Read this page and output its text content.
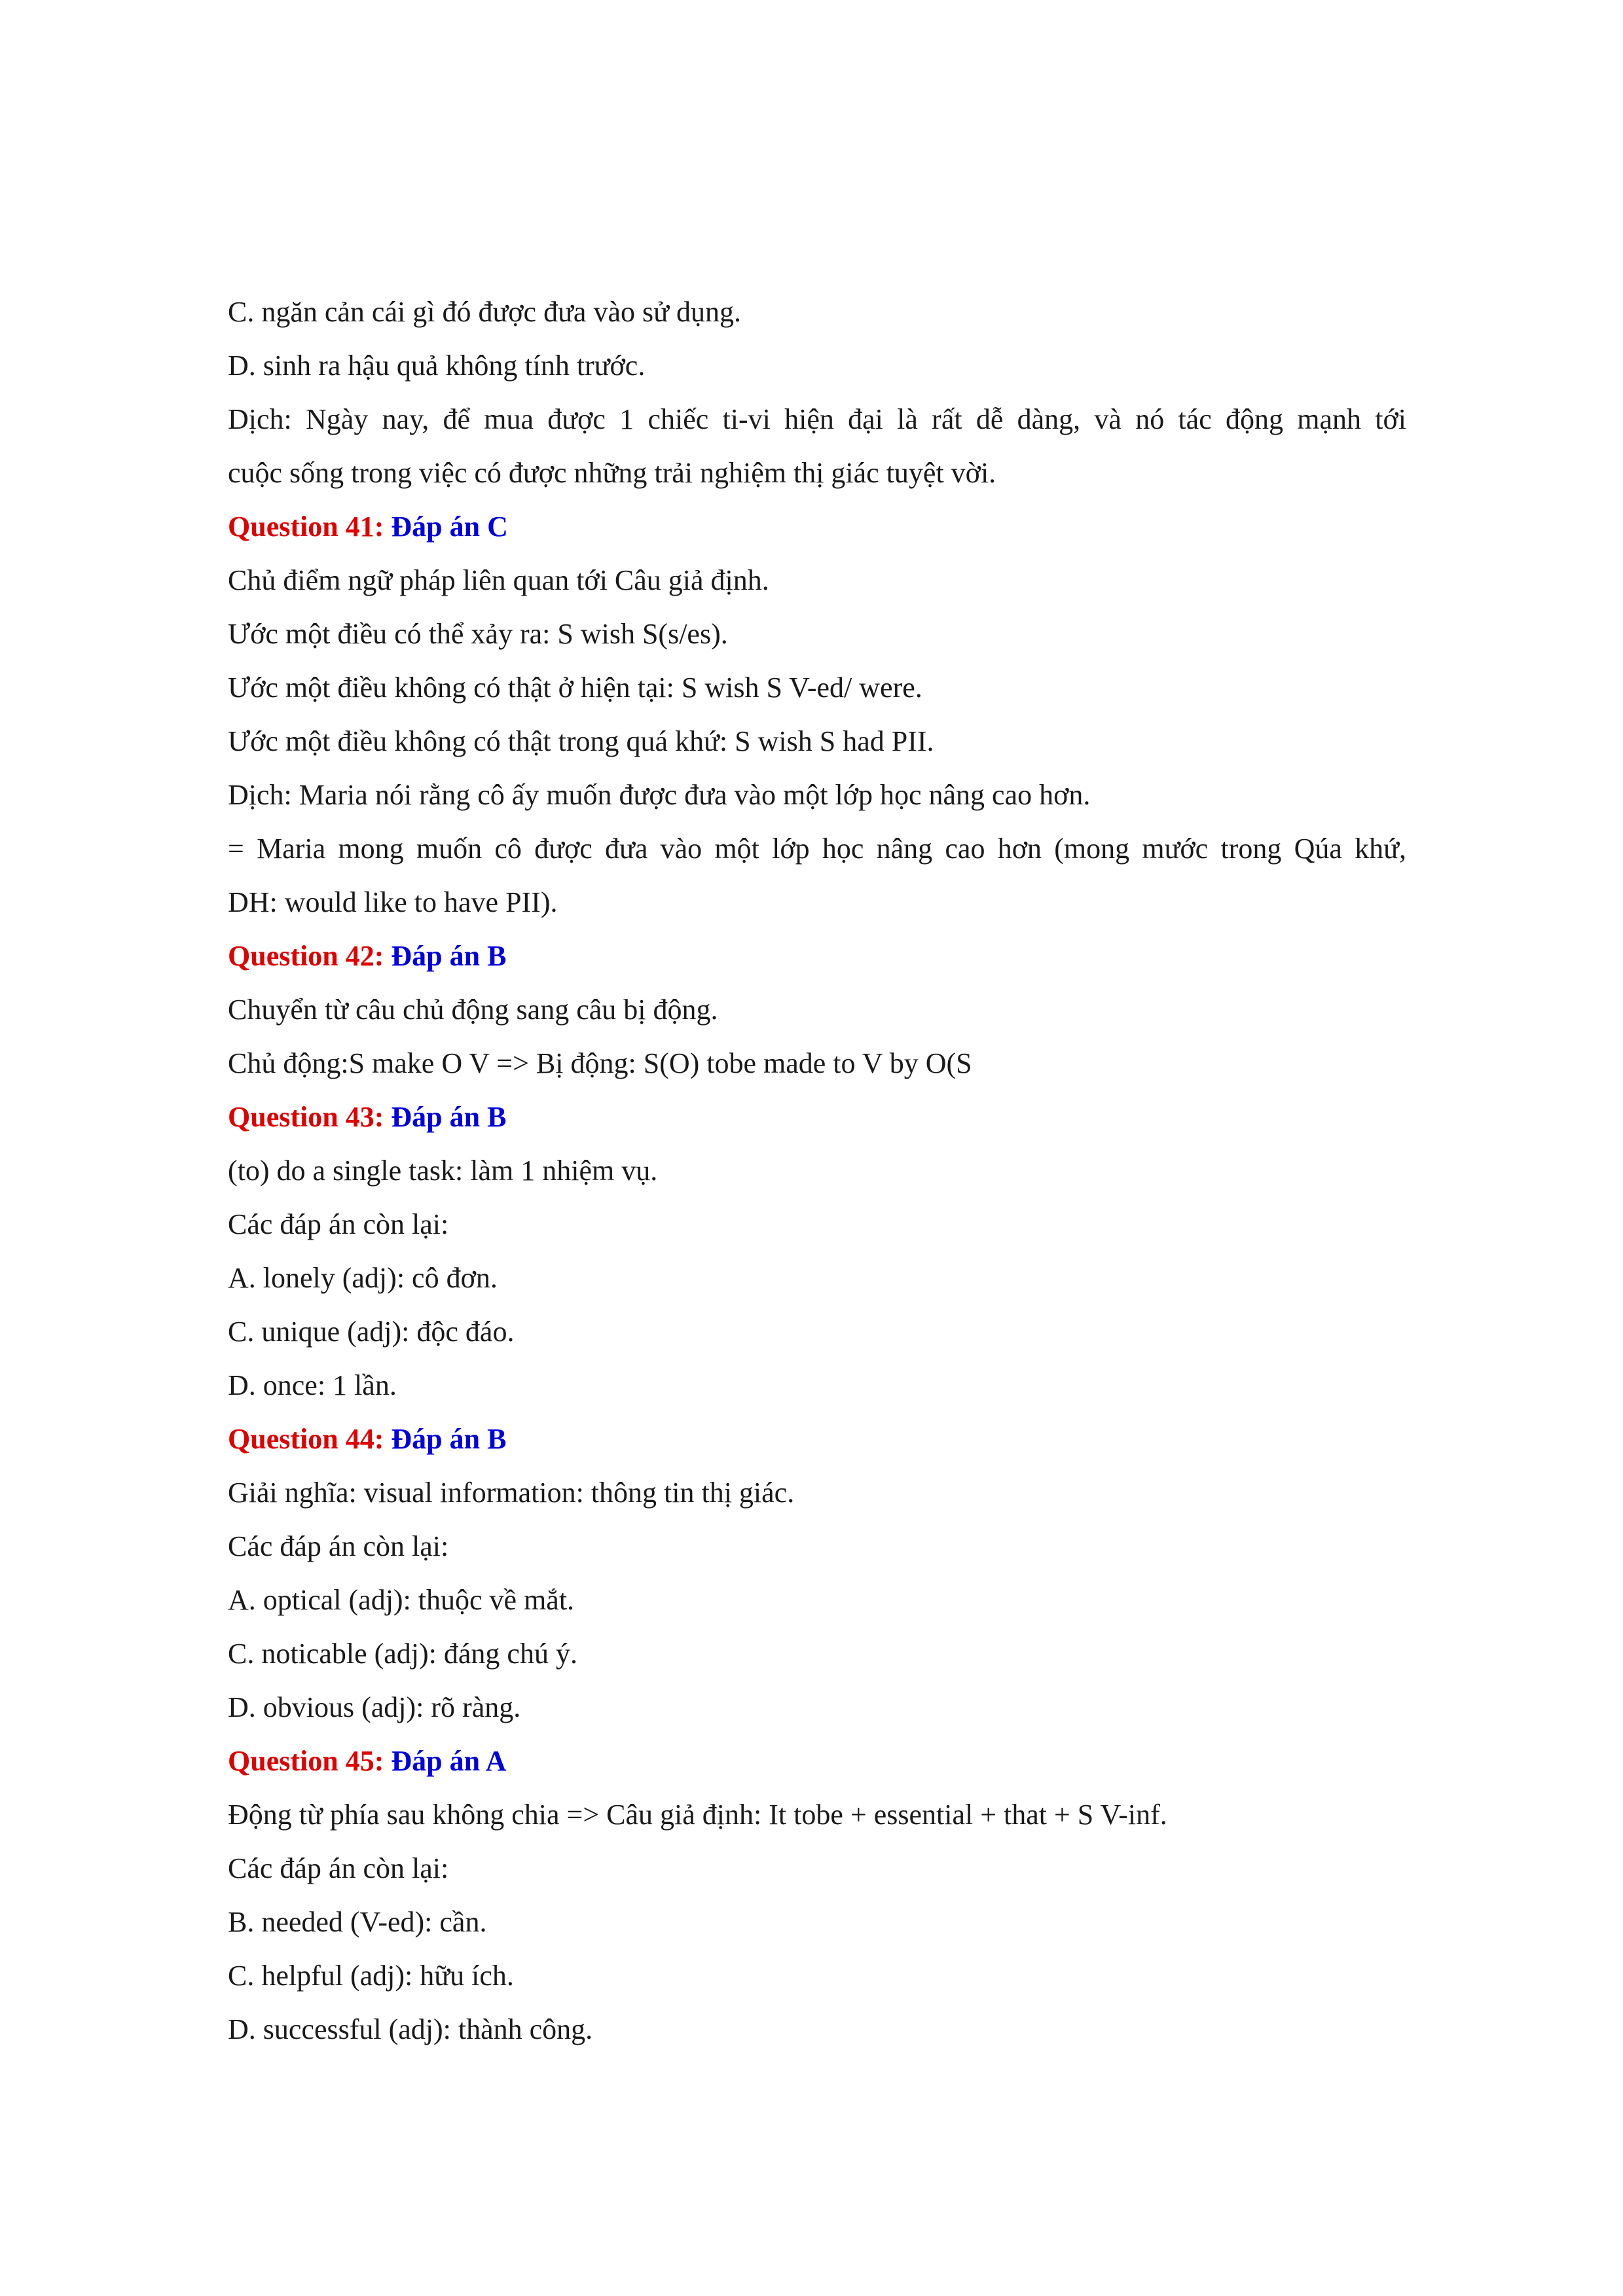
C. ngăn cản cái gì đó được đưa vào sử dụng.
D. sinh ra hậu quả không tính trước.
Dịch: Ngày nay, để mua được 1 chiếc ti-vi hiện đại là rất dễ dàng, và nó tác động mạnh tới
cuộc sống trong việc có được những trải nghiệm thị giác tuyệt vời.
Question 41: Đáp án C
Chủ điểm ngữ pháp liên quan tới Câu giả định.
Ước một điều có thể xảy ra: S wish S(s/es).
Ước một điều không có thật ở hiện tại: S wish S V-ed/ were.
Ước một điều không có thật trong quá khứ: S wish S had PII.
Dịch: Maria nói rằng cô ấy muốn được đưa vào một lớp học nâng cao hơn.
= Maria mong muốn cô được đưa vào một lớp học nâng cao hơn (mong mước trong Qúa khứ,
DH: would like to have PII).
Question 42: Đáp án B
Chuyển từ câu chủ động sang câu bị động.
Chủ động:S make O V => Bị động: S(O) tobe made to V by O(S
Question 43: Đáp án B
(to) do a single task: làm 1 nhiệm vụ.
Các đáp án còn lại:
A. lonely (adj): cô đơn.
C. unique (adj): độc đáo.
D. once: 1 lần.
Question 44: Đáp án B
Giải nghĩa: visual information: thông tin thị giác.
Các đáp án còn lại:
A. optical (adj): thuộc về mắt.
C. noticable (adj): đáng chú ý.
D. obvious (adj): rõ ràng.
Question 45: Đáp án A
Động từ phía sau không chia => Câu giả định: It tobe + essential + that + S V-inf.
Các đáp án còn lại:
B. needed (V-ed): cần.
C. helpful (adj): hữu ích.
D. successful (adj): thành công.
